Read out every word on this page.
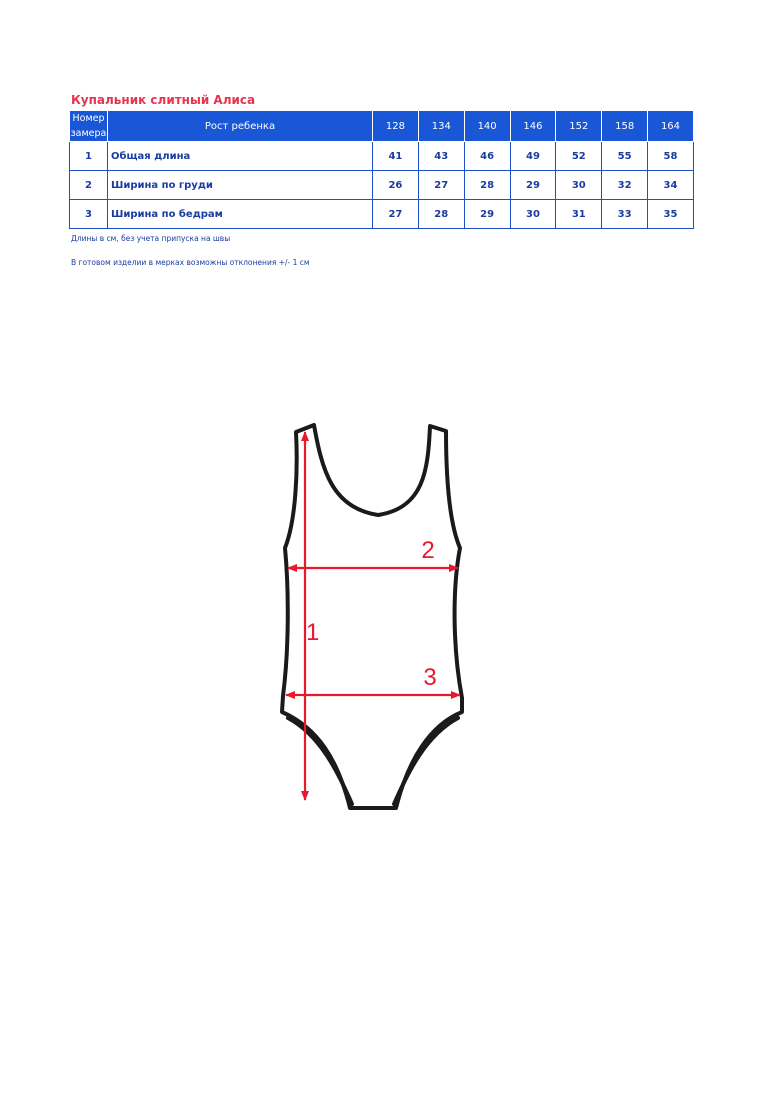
Купальник слитный Алиса
Номер
замера	Рост ребенка	128	134	140	146	152	158	164
1	Общая длина	41	43	46	49	52	55	58
2	Ширина по груди	26	27	28	29	30	32	34
3	Ширина по бедрам	27	28	29	30	31	33	35

Длины в см, без учета припуска на швы

В готовом изделии в мерках возможны отклонения +/- 1 см

1
2
3
